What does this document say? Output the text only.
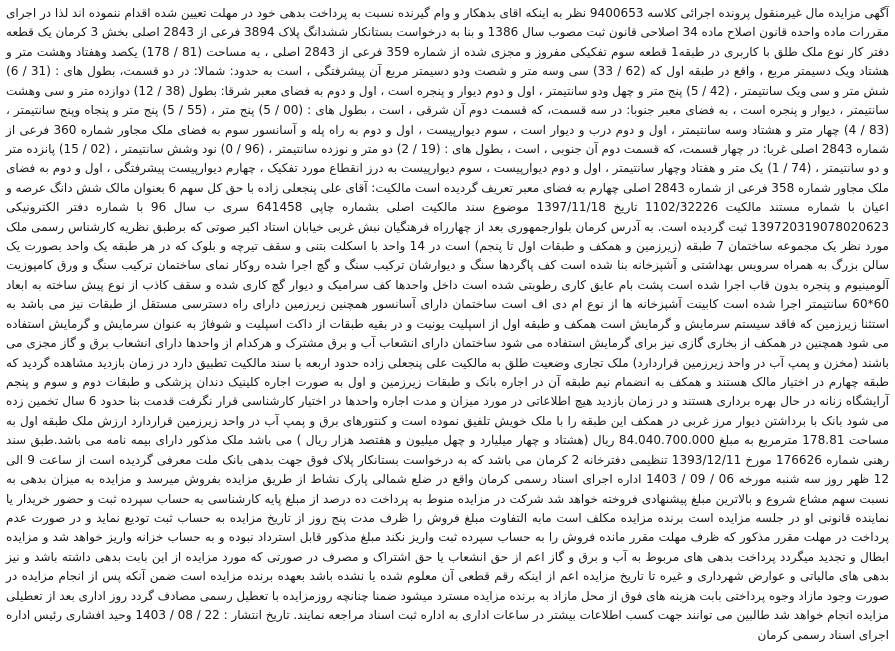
آگهی مزایده مال غیرمنقول پرونده اجرائی کلاسه 9400653 نظر به اینکه اقای بدهکار و وام گیرنده نسبت به پرداخت بدهی خود در مهلت تعیین شده اقدام ننموده اند لذا در اجرای مقررات ماده واحده قانون اصلاح ماده 34 اصلاحی قانون ثبت مصوب سال 1386 و بنا به درخواست بستانکار ششدانگ پلاک 3894 فرعی از 2843 اصلی بخش 3 کرمان یک قطعه دفتر کار نوع ملک طلق با کاربری در طبقه1 قطعه سوم تفکیکی مفروز و مجزی شده از شماره 359 فرعی از 2843 اصلی ، به مساحت (81 / 178) یکصد وهفتاد وهشت متر و هشتاد ویک دسیمتر مربع ، واقع در طبقه اول که (62 / 33) سی وسه متر و شصت ودو دسیمتر مربع آن پیشرفتگی ، است به حدود: شمالا: در دو قسمت، بطول های : (31 / 6) شش متر و سی ویک سانتیمتر ، (42 / 5) پنج متر و چهل ودو سانتیمتر ، اول و دوم دیوار و پنجره است ، اول و دوم به فضای معبر شرقا: بطول (38 / 12) دوازده متر و سی وهشت سانتیمتر ، دیوار و پنجره است ، به فضای معبر جنوبا: در سه قسمت، که قسمت دوم آن شرقی ، است ، بطول های : (00 / 5) پنج متر ، (55 / 5) پنج متر و پنجاه وپنج سانتیمتر ، (83 / 4) چهار متر و هشتاد وسه سانتیمتر ، اول و دوم درب و دیوار است ، سوم دیوارپیست ، اول و دوم به راه پله و آسانسور سوم به فضای ملک مجاور شماره 360 فرعی از شماره 2843 اصلی غربا: در چهار قسمت، که قسمت دوم آن جنوبی ، است ، بطول های : (19 / 2) دو متر و نوزده سانتیمتر ، (96 / 0) نود وشش سانتیمتر ، (02 / 15) پانزده متر و دو سانتیمتر ، (74 / 1) یک متر و هفتاد وچهار سانتیمتر ، اول و دوم دیوارپیست ، سوم دیوارپیست به درز انقطاع مورد تفکیک ، چهارم دیوارپیست پیشرفتگی ، اول و دوم به فضای ملک مجاور شماره 358 فرعی از شماره 2843 اصلی چهارم به فضای معبر تعریف گردیده است مالکیت: آقای علی پنجعلی زاده با حق کل سهم 6 بعنوان مالک شش دانگ عرصه و اعیان با شماره مستند مالکیت 1102/32226 تاریخ 1397/11/18 موضوع سند مالکیت اصلی بشماره چاپی 641458 سری ب سال 96 با شماره دفتر الکترونیکی 139720319078020623 ثبت گردیده است. به آدرس کرمان بلوارجمهوری بعد از چهارراه فرهنگیان نبش غربی خیابان استاد اکبر صوتی که برطبق نظریه کارشناس رسمی ملک مورد نظر یک مجموعه ساختمان 7 طبقه (زیرزمین و همکف و طبقات اول تا پنجم) است در 14 واحد با اسکلت بتنی و سقف تیرچه و بلوک که در هر طبقه یک واحد بصورت یک سالن بزرگ به همراه سرویس بهداشتی و آشپزخانه بنا شده است کف پاگردها سنگ و دیوارشان ترکیب سنگ و گچ اجرا شده روکار نمای ساختمان ترکیب سنگ و ورق کامپوزیت آلومینیوم و پنجره بدون قاب اجرا شده است پشت بام عایق کاری رطوبتی شده است داخل واحدها کف سرامیک و دیوار گچ کاری شده و سقف کاذب از نوع پیش ساخته به ابعاد 60*60 سانتیمتر اجرا شده است کابینت آشپزخانه ها از نوع ام دی اف است ساختمان دارای آسانسور همچنین زیرزمین دارای راه دسترسی مستقل از طبقات نیز می باشد به استثنا زیرزمین که فاقد سیستم سرمایش و گرمایش است همکف و طبقه اول از اسپلیت یونیت و در بقیه طبقات از داکت اسپلیت و شوفاژ به عنوان سرمایش و گرمایش استفاده می شود همچنین در همکف از بخاری گازی نیز برای گرمایش استفاده می شود ساختمان دارای انشعاب آب و برق مشترک و هرکدام از واحدها دارای انشعاب برق و گاز مجزی می باشند (مخزن و پمپ آب در واحد زیرزمین قراردارد) ملک تجاری وضعیت طلق به مالکیت علی پنجعلی زاده حدود اربعه با سند مالکیت تطبیق دارد در زمان بازدید مشاهده گردید که طبقه چهارم در اختیار مالک هستند و همکف به انضمام نیم طبقه آن در اجاره بانک و طبقات زیرزمین و اول به صورت اجاره کلینیک دندان پزشکی و طبقات دوم و سوم و پنجم آرایشگاه زنانه در حال بهره برداری هستند و در زمان بازدید هیچ اطلاعاتی در مورد میزان و مدت اجاره واحدها در اختیار کارشناسی قرار نگرفت قدمت بنا حدود 6 سال تخمین زده می شود بانک با برداشتن دیوار مرز غربی در همکف این طبقه را با ملک خویش تلفیق نموده است و کنتورهای برق و پمپ آب در واحد زیرزمین قراردارد ارزش ملک طبقه اول به مساحت 178.81 مترمربع به مبلغ 84.040.700.000 ریال (هشتاد و چهار میلیارد و چهل میلیون و هفتصد هزار ریال ) می باشد ملک مذکور دارای بیمه نامه می باشد.طبق سند رهنی شماره 176626 مورخ 1393/12/11 تنظیمی دفترخانه 2 کرمان می باشد که به درخواست بستانکار پلاک فوق جهت بدهی بانک ملت معرفی گردیده است از ساعت 9 الی 12 ظهر روز سه شنبه مورخه 06 / 09 / 1403 اداره اجرای اسناد رسمی کرمان واقع در ضلع شمالی پارک نشاط از طریق مزایده بفروش میرسد و مزایده به میزان بدهی به نسبت سهم مشاع شروع و بالاترین مبلغ پیشنهادی فروخته خواهد شد شرکت در مزایده منوط به پرداخت ده درصد از مبلغ پایه کارشناسی به حساب سپرده ثبت و حضور خریدار یا نماینده قانونی او در جلسه مزایده است برنده مزایده مکلف است مابه التفاوت مبلغ فروش را ظرف مدت پنج روز از تاریخ مزایده به حساب ثبت تودیع نماید و در صورت عدم پرداخت در مهلت مقرر مذکور که ظرف مهلت مقرر مانده فروش را به حساب سپرده ثبت واریز نکند مبلغ مذکور قابل استرداد نبوده و به حساب خزانه واریز خواهد شد و مزایده ابطال و تجدید میگردد پرداخت بدهی های مربوط به آب و برق و گاز اعم از حق انشعاب یا حق اشتراک و مصرف در صورتی که مورد مزایده از این بابت بدهی داشته باشد و نیز بدهی های مالیاتی و عوارض شهرداری و غیره تا تاریخ مزایده اعم از اینکه رقم قطعی آن معلوم شده یا نشده باشد بعهده برنده مزایده است ضمن آنکه پس از انجام مزایده در صورت وجود مازاد وجوه پرداختی بابت هزینه های فوق از محل مازاد به برنده مزایده مسترد میشود ضمنا چنانچه روزمزایده با تعطیل رسمی مصادف گردد روز اداری بعد از تعطیلی مزایده انجام خواهد شد طالبین می توانند جهت کسب اطلاعات بیشتر در ساعات اداری به اداره ثبت اسناد مراجعه نمایند. تاریخ انتشار : 22 / 08 / 1403 وحید افشاری رئیس اداره اجرای اسناد رسمی کرمان
